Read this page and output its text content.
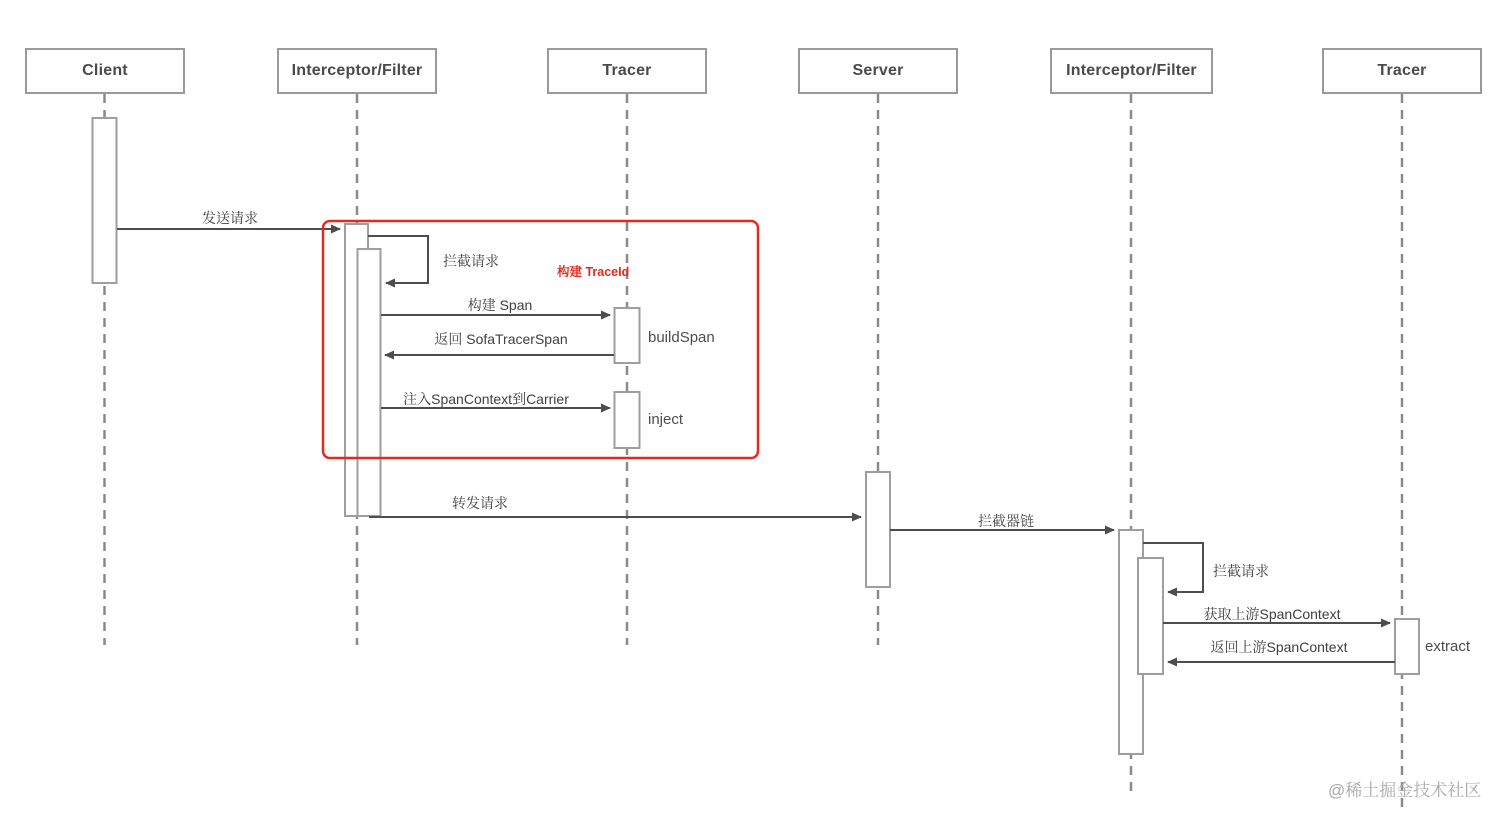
Client	Interceptor/Filter	Tracer	Server	Interceptor/Filter	Tracer
发送请求
拦截请求
构建 Span
返回 SofaTracerSpan
注入SpanContext到Carrier
转发请求
拦截器链
拦截请求
获取上游SpanContext
返回上游SpanContext
buildSpan
inject
extract
构建 TraceId
@稀土掘金技术社区
